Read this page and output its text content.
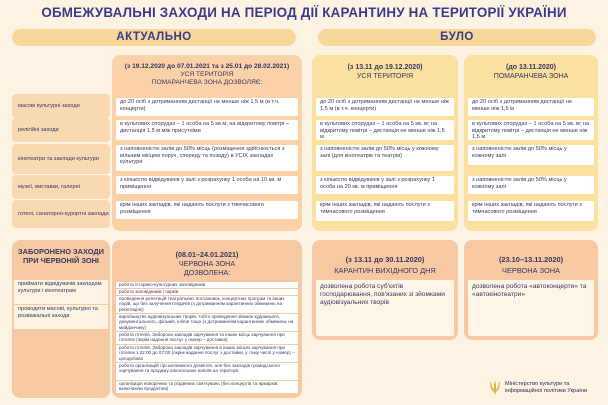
ОБМЕЖУВАЛЬНІ ЗАХОДИ НА ПЕРІОД ДІЇ КАРАНТИНУ НА ТЕРИТОРІЇ УКРАЇНИ
АКТУАЛЬНО	БУЛО
масові культурні заходи
релігійні заходи
кінотеатри та заклади культури
музеї, виставки, галереї
готелі, санаторно-курортні заклади
(з 19.12.2020 до 07.01.2021 та з 25.01 до 28.02.2021)
УСЯ ТЕРИТОРІЯ
ПОМАРАНЧЕВА ЗОНА ДОЗВОЛЯЄ:
до 20 осіб з дотриманням дистанції не менше ніж 1,5 м (в т.ч. концерти)
в культових спорудах – 1 особа на 5 кв.м; на відкритому повітрі – дистанція 1,5 м між присутніми
з наповненістю залів до 50% місць (розміщення здійснюється з вільним місцем поруч, спереду та позаду) в УСІХ закладах культури
з кількістю відвідувачів у залі з розрахунку 1 особа на 10 кв. м приміщення
крім інших закладів, які надають послуги з тимчасового розміщення
(з 13.11 до 19.12.2020)
УСЯ ТЕРИТОРІЯ
до 20 осіб з дотриманням дистанції не менше ніж 1,5 м (в т.ч. концерти)
в культових спорудах – 1 особа на 5 кв. м; на відкритому повітрі – дистанція не менше ніж 1,5 м
з наповненістю залів до 50% місць у кожному залі (для кінотеатрів та театрів)
з кількістю відвідувачів у залі з розрахунку 1 особа на 20 кв. м приміщення
крім інших закладів, які надають послуги з тимчасового розміщення
(до 13.11.2020)
ПОМАРАНЧЕВА ЗОНА
до 20 осіб з дотриманням дистанції не менше ніж 1,5 м
в культових спорудах – 1 особа на 5 кв. м; на відкритому повітрі – дистанція не менше ніж 1,5 м
з наповненістю залів до 50% місць у кожному залі
з наповненістю залів до 50% місць у кожному залі
крім інших закладів, які надають послуги з тимчасового розміщення
ЗАБОРОНЕНО ЗАХОДИ ПРИ ЧЕРВОНІЙ ЗОНІ
приймати відвідувачів закладам культури і кінотеатрам
проводити масові, культурні та розважальні заходи
(08.01–24.01.2021)
ЧЕРВОНА ЗОНА
ДОЗВОЛЕНА:
робота історико-культурних заповідників
робота заповідників і парків
проведення репетицій театральних постановок, концертних програм та інших подій, що без залучення глядачів (з дотриманням карантинних обмежень на репетиціях)
виробництво аудіовізуальних творів, тобто проведення зйомок художнього, документального, фільмів, кліпів тощо (з дотриманням карантинних обмежень на майданчику)
робота готелів. Заборона закладів харчування та інших місць харчування при готелях (окрім надання послуг у номер – доставка)
робота готелів. Заборона закладів харчування в інших місцях харчування при готелях з 22:00 до 07:00 (окрім надання послуг з доставки, у тому числі у номер) – цілодобово
робота організацій гірськолижного дозвілля, але без закладів громадського харчування та продажу алкогольних напоїв на території
організація новорічних та різдвяних святкувань (без концертів та ярмарків, включаючи продуктові)
(з 13.11 до 30.11.2020)
КАРАНТИН ВИХІДНОГО ДНЯ
дозволена робота суб'єктів господарювання, пов'язаних зі зйомками аудіовізуальних творів
(23.10–13.11.2020)
ЧЕРВОНА ЗОНА
дозволена робота «автоконцерти» та «автокінотеатри»
Міністерство культури та
інформаційної політики України
